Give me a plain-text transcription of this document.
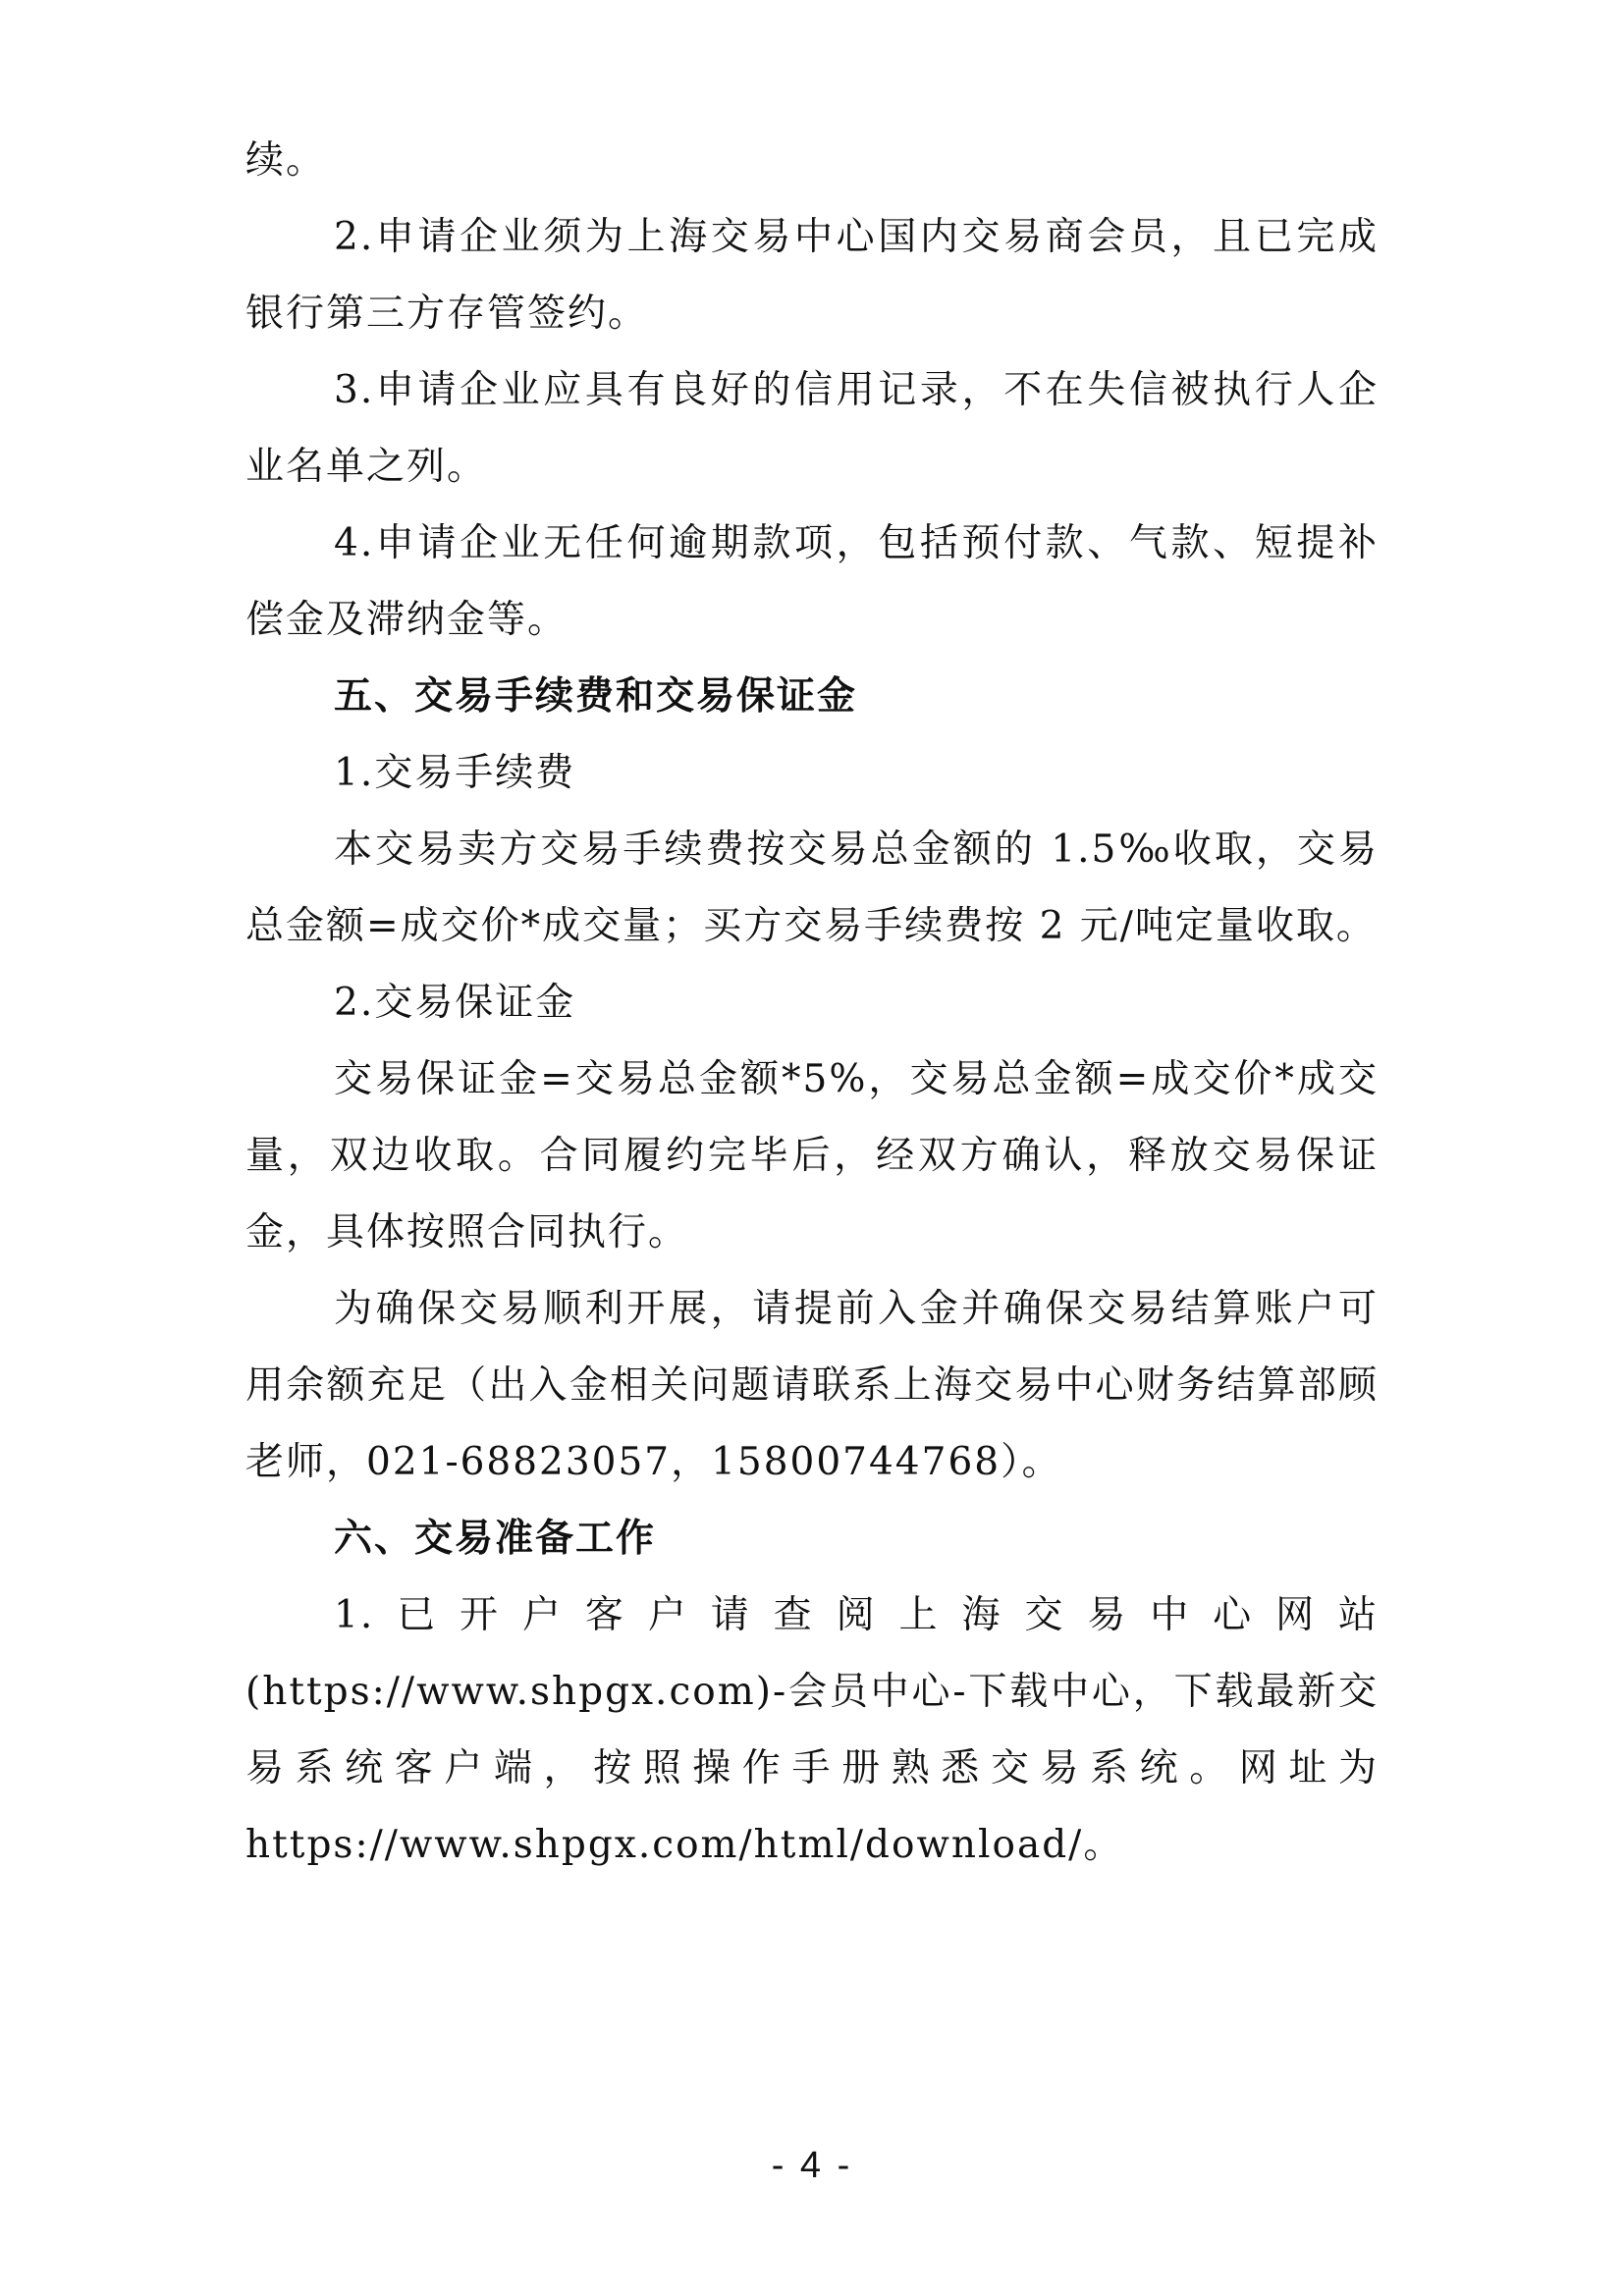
续。

2.申请企业须为上海交易中心国内交易商会员，且已完成银行第三方存管签约。

3.申请企业应具有良好的信用记录，不在失信被执行人企业名单之列。

4.申请企业无任何逾期款项，包括预付款、气款、短提补偿金及滞纳金等。

五、交易手续费和交易保证金

1.交易手续费

本交易卖方交易手续费按交易总金额的 1.5‰收取，交易总金额=成交价*成交量；买方交易手续费按 2 元/吨定量收取。

2.交易保证金

交易保证金=交易总金额*5%，交易总金额=成交价*成交量，双边收取。合同履约完毕后，经双方确认，释放交易保证金，具体按照合同执行。

为确保交易顺利开展，请提前入金并确保交易结算账户可用余额充足（出入金相关问题请联系上海交易中心财务结算部顾老师，021-68823057，15800744768）。

六、交易准备工作

1.已开户客户请查阅上海交易中心网站

(https://www.shpgx.com)-会员中心-下载中心，下载最新交易系统客户端，按照操作手册熟悉交易系统。网址为https://www.shpgx.com/html/download/。

- 4 -
